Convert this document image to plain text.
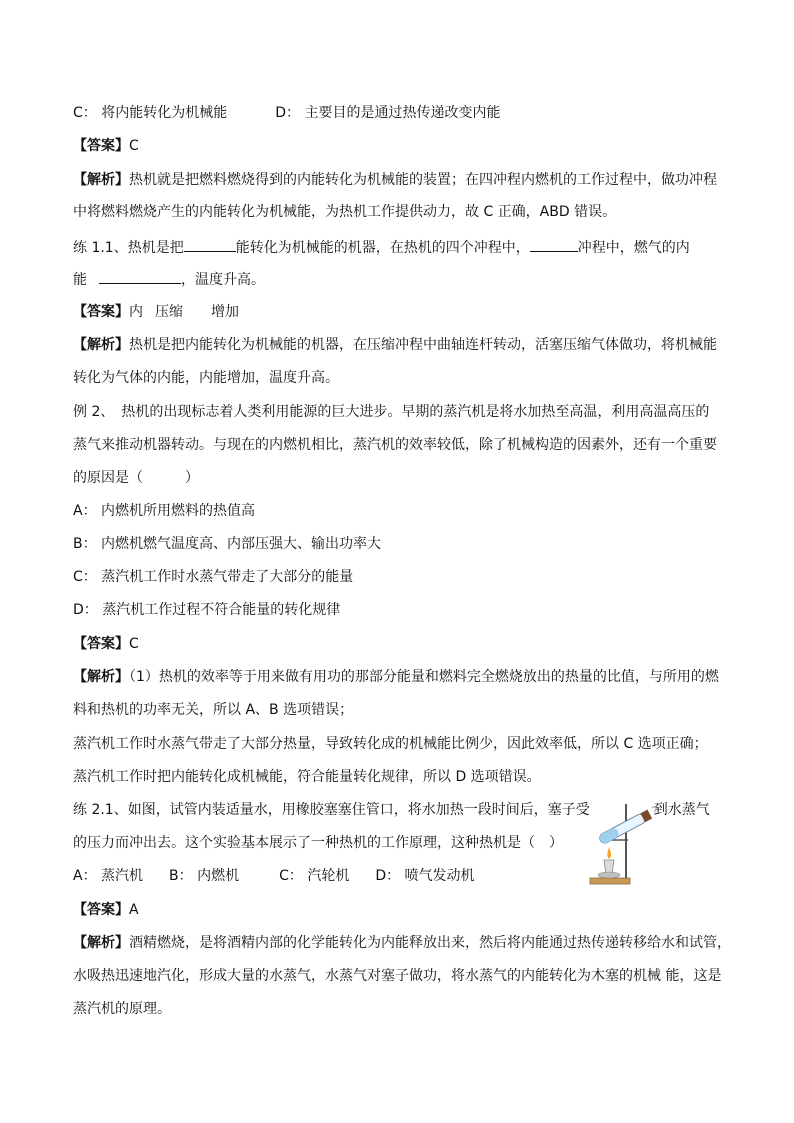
C： 将内能转化为机械能	D： 主要目的是通过热传递改变内能
【答案】C
【解析】热机就是把燃料燃烧得到的内能转化为机械能的装置；在四冲程内燃机的工作过程中，做功冲程
中将燃料燃烧产生的内能转化为机械能，为热机工作提供动力，故 C 正确，ABD 错误。
练 1.1、热机是把	能转化为机械能的机器，在热机的四个冲程中，	冲程中，燃气的内
能	，温度升高。
【答案】内 压缩 增加
【解析】热机是把内能转化为机械能的机器，在压缩冲程中曲轴连杆转动，活塞压缩气体做功，将机械能
转化为气体的内能，内能增加，温度升高。
例 2、　热机的出现标志着人类利用能源的巨大进步。早期的蒸汽机是将水加热至高温，利用高温高压的
蒸气来推动机器转动。与现在的内燃机相比，蒸汽机的效率较低，除了机械构造的因素外，还有一个重要
的原因是（　　　）
A： 内燃机所用燃料的热值高
B： 内燃机燃气温度高、内部压强大、输出功率大
C： 蒸汽机工作时水蒸气带走了大部分的能量
D： 蒸汽机工作过程不符合能量的转化规律
【答案】C
【解析】（1）热机的效率等于用来做有用功的那部分能量和燃料完全燃烧放出的热量的比值，与所用的燃
料和热机的功率无关，所以 A、B 选项错误；
蒸汽机工作时水蒸气带走了大部分热量，导致转化成的机械能比例少，因此效率低，所以 C 选项正确；
蒸汽机工作时把内能转化成机械能，符合能量转化规律，所以 D 选项错误。
练 2.1、如图，试管内装适量水，用橡胶塞塞住管口，将水加热一段时间后，塞子受	到水蒸气
的压力而冲出去。这个实验基本展示了一种热机的工作原理，这种热机是（　）
A： 蒸汽机 B： 内燃机	C： 汽轮机 D： 喷气发动机
【答案】A
【解析】酒精燃烧，是将酒精内部的化学能转化为内能释放出来，然后将内能通过热传递转移给水和试管，
水吸热迅速地汽化，形成大量的水蒸气，水蒸气对塞子做功，将水蒸气的内能转化为木塞的机械 能，这是
蒸汽机的原理。
